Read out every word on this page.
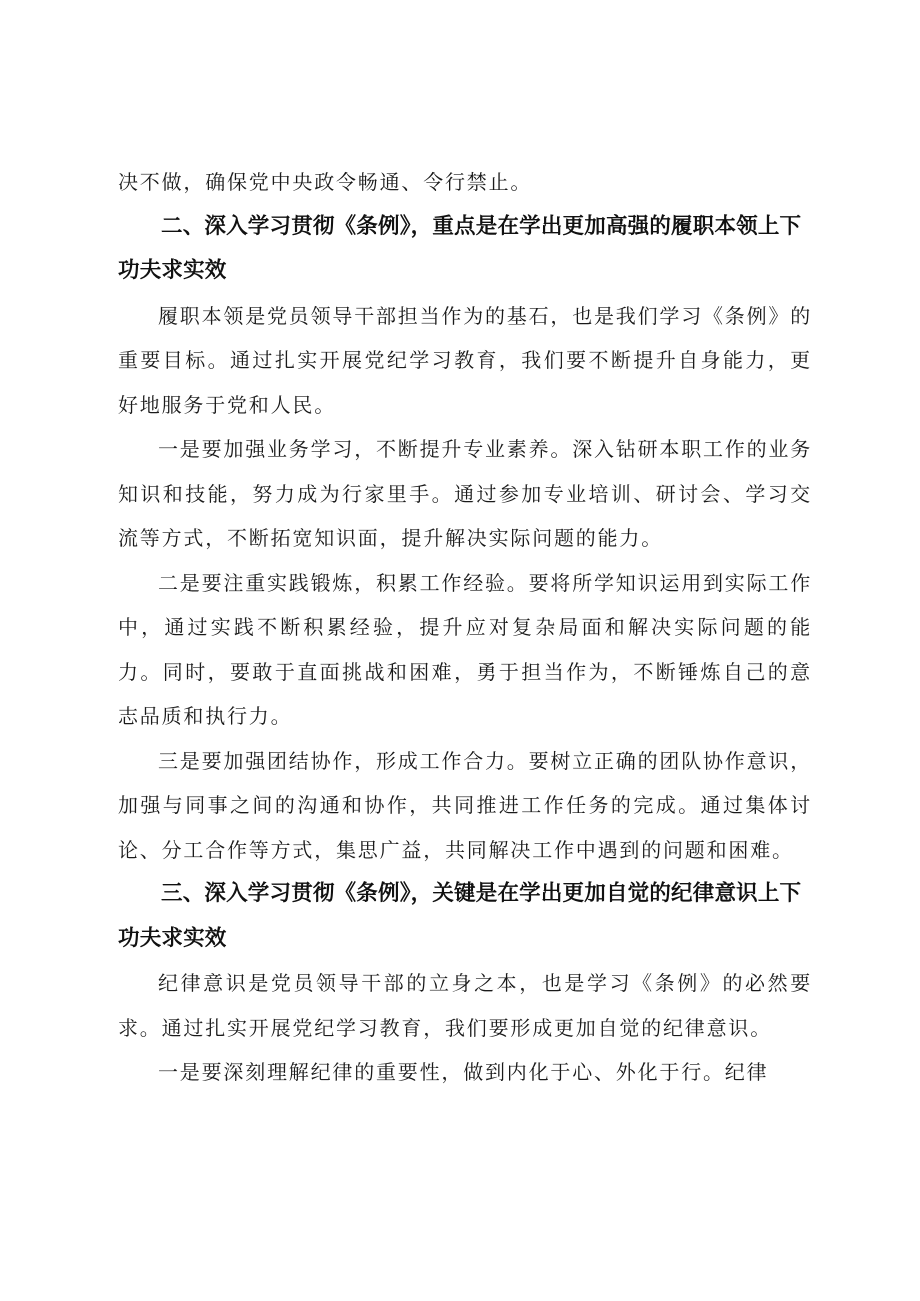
决不做，确保党中央政令畅通、令行禁止。

二、深入学习贯彻《条例》，重点是在学出更加高强的履职本领上下功夫求实效

履职本领是党员领导干部担当作为的基石，也是我们学习《条例》的重要目标。通过扎实开展党纪学习教育，我们要不断提升自身能力，更好地服务于党和人民。

一是要加强业务学习，不断提升专业素养。深入钻研本职工作的业务知识和技能，努力成为行家里手。通过参加专业培训、研讨会、学习交流等方式，不断拓宽知识面，提升解决实际问题的能力。

二是要注重实践锻炼，积累工作经验。要将所学知识运用到实际工作中，通过实践不断积累经验，提升应对复杂局面和解决实际问题的能力。同时，要敢于直面挑战和困难，勇于担当作为，不断锤炼自己的意志品质和执行力。

三是要加强团结协作，形成工作合力。要树立正确的团队协作意识，加强与同事之间的沟通和协作，共同推进工作任务的完成。通过集体讨论、分工合作等方式，集思广益，共同解决工作中遇到的问题和困难。

三、深入学习贯彻《条例》，关键是在学出更加自觉的纪律意识上下功夫求实效

纪律意识是党员领导干部的立身之本，也是学习《条例》的必然要求。通过扎实开展党纪学习教育，我们要形成更加自觉的纪律意识。

一是要深刻理解纪律的重要性，做到内化于心、外化于行。纪律
